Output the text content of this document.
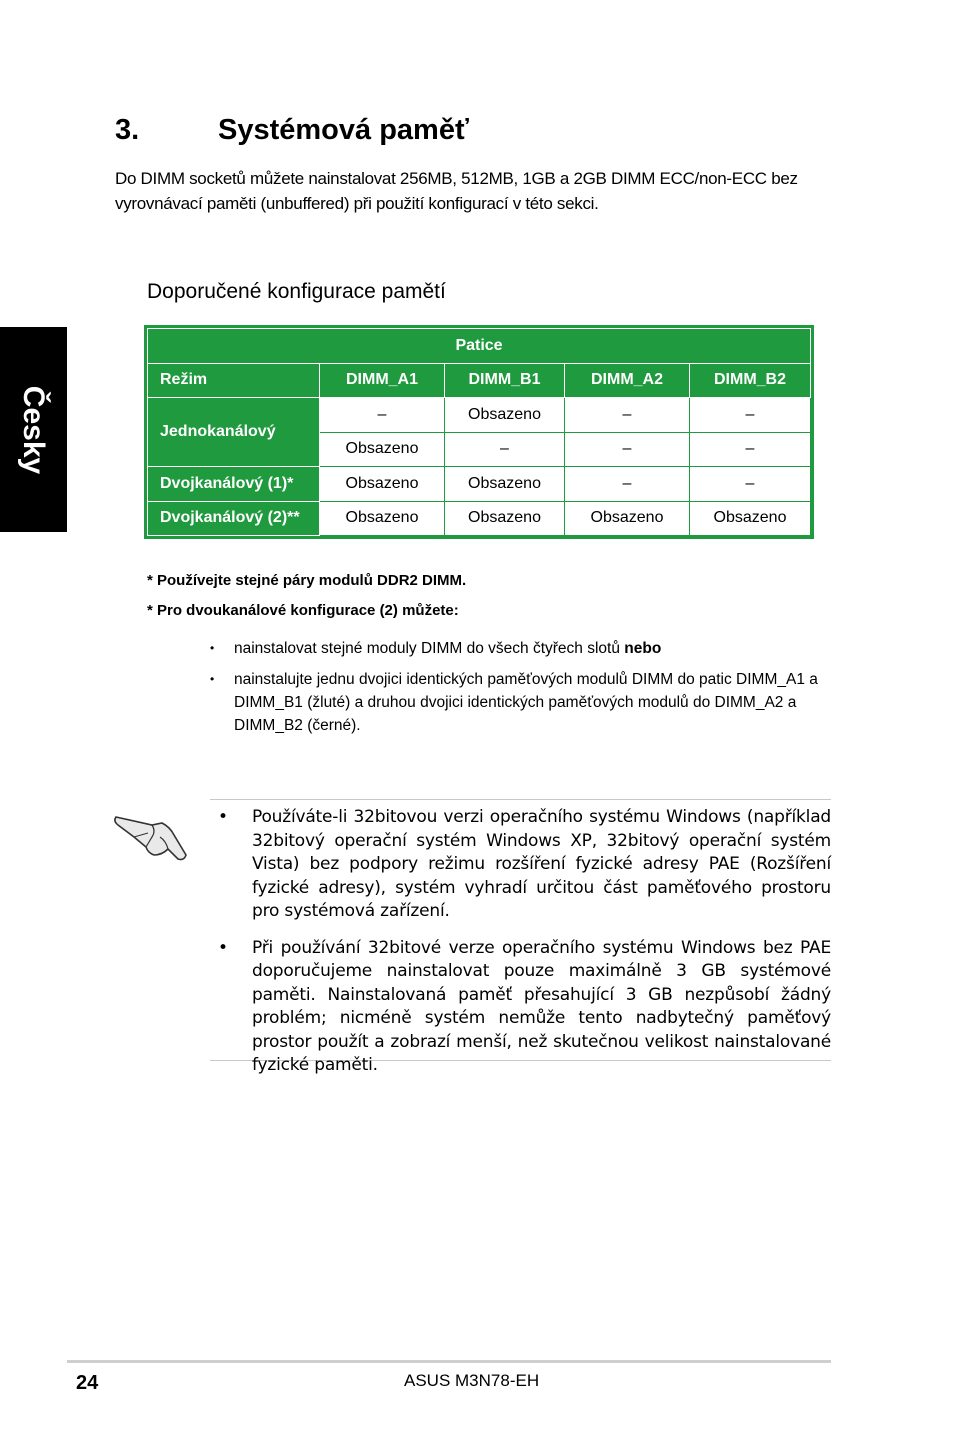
Česky
3.	Systémová paměť
Do DIMM socketů můžete nainstalovat 256MB, 512MB, 1GB a 2GB DIMM ECC/non-ECC bez vyrovnávací paměti (unbuffered) při použití konfigurací v této sekci.
Doporučené konfigurace pamětí
Patice				
Režim	DIMM_A1	DIMM_B1	DIMM_A2	DIMM_B2
Jednokanálový	–	Obsazeno	–	–
	Obsazeno	–	–	–
Dvojkanálový (1)*	Obsazeno	Obsazeno	–	–
Dvojkanálový (2)**	Obsazeno	Obsazeno	Obsazeno	Obsazeno
* Používejte stejné páry modulů DDR2 DIMM.
* Pro dvoukanálové konfigurace (2) můžete:
• nainstalovat stejné moduly DIMM do všech čtyřech slotů nebo
• nainstalujte jednu dvojici identických paměťových modulů DIMM do patic DIMM_A1 a DIMM_B1 (žluté) a druhou dvojici identických paměťových modulů do DIMM_A2 a DIMM_B2 (černé).
• Používáte-li 32bitovou verzi operačního systému Windows (například 32bitový operační systém Windows XP, 32bitový operační systém Vista) bez podpory režimu rozšíření fyzické adresy PAE (Rozšíření fyzické adresy), systém vyhradí určitou část paměťového prostoru pro systémová zařízení.
• Při používání 32bitové verze operačního systému Windows bez PAE doporučujeme nainstalovat pouze maximálně 3 GB systémové paměti. Nainstalovaná paměť přesahující 3 GB nezpůsobí žádný problém; nicméně systém nemůže tento nadbytečný paměťový prostor použít a zobrazí menší, než skutečnou velikost nainstalované fyzické paměti.
24	ASUS M3N78-EH
